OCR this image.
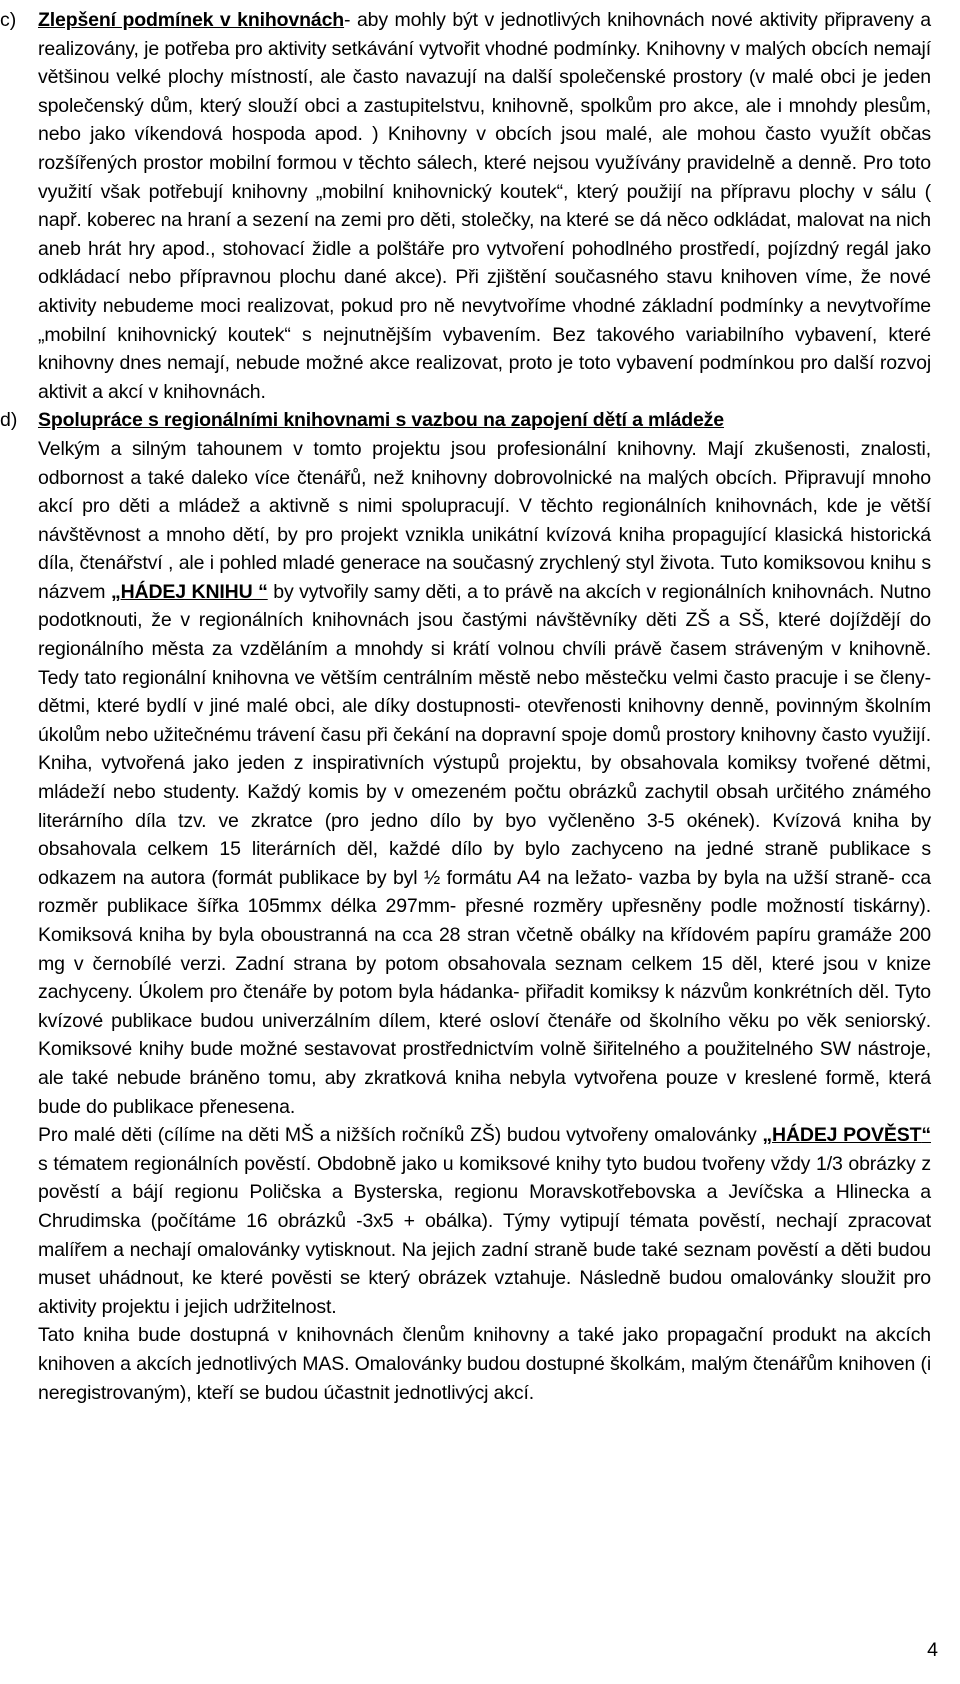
c) Zlepšení podmínek v knihovnách- aby mohly být v jednotlivých knihovnách nové aktivity připraveny a realizovány, je potřeba pro aktivity setkávání vytvořit vhodné podmínky. Knihovny v malých obcích nemají většinou velké plochy místností, ale často navazují na další společenské prostory (v malé obci je jeden společenský dům, který slouží obci a zastupitelstvu, knihovně, spolkům pro akce, ale i mnohdy plesům, nebo jako víkendová hospoda apod. ) Knihovny v obcích jsou malé, ale mohou často využít občas rozšířených prostor mobilní formou v těchto sálech, které nejsou využívány pravidelně a denně. Pro toto využití však potřebují knihovny „mobilní knihovnický koutek“, který použijí na přípravu plochy v sálu ( např. koberec na hraní a sezení na zemi pro děti, stolečky, na které se dá něco odkládat, malovat na nich aneb hrát hry apod., stohovací židle a polštáře pro vytvoření pohodlného prostředí, pojízdný regál jako odkládací nebo přípravnou plochu dané akce). Při zjištění současného stavu knihoven víme, že nové aktivity nebudeme moci realizovat, pokud pro ně nevytvoříme vhodné základní podmínky a nevytvoříme „mobilní knihovnický koutek“ s nejnutnějším vybavením. Bez takového variabilního vybavení, které knihovny dnes nemají, nebude možné akce realizovat, proto je toto vybavení podmínkou pro další rozvoj aktivit a akcí v knihovnách.

d) Spolupráce s regionálními knihovnami s vazbou na zapojení dětí a mládeže

Velkým a silným tahounem v tomto projektu jsou profesionální knihovny. Mají zkušenosti, znalosti, odbornost a také daleko více čtenářů, než knihovny dobrovolnické na malých obcích. Připravují mnoho akcí pro děti a mládež a aktivně s nimi spolupracují. V těchto regionálních knihovnách, kde je větší návštěvnost a mnoho dětí, by pro projekt vznikla unikátní kvízová kniha propagující klasická historická díla, čtenářství , ale i pohled mladé generace na současný zrychlený styl života. Tuto komiksovou knihu s názvem „HÁDEJ KNIHU “ by vytvořily samy děti, a to právě na akcích v regionálních knihovnách. Nutno podotknouti, že v regionálních knihovnách jsou častými návštěvníky děti ZŠ a SŠ, které dojíždějí do regionálního města za vzděláním a mnohdy si krátí volnou chvíli právě časem stráveným v knihovně. Tedy tato regionální knihovna ve větším centrálním městě nebo městečku velmi často pracuje i se členy- dětmi, které bydlí v jiné malé obci, ale díky dostupnosti- otevřenosti knihovny denně, povinným školním úkolům nebo užitečnému trávení času při čekání na dopravní spoje domů prostory knihovny často využijí.

Kniha, vytvořená jako jeden z inspirativních výstupů projektu, by obsahovala komiksy tvořené dětmi, mládeží nebo studenty. Každý komis by v omezeném počtu obrázků zachytil obsah určitého známého literárního díla tzv. ve zkratce (pro jedno dílo by byo vyčleněno 3-5 okének). Kvízová kniha by obsahovala celkem 15 literárních děl, každé dílo by bylo zachyceno na jedné straně publikace s odkazem na autora (formát publikace by byl ½ formátu A4 na ležato- vazba by byla na užší straně- cca rozměr publikace šířka 105mmx délka 297mm- přesné rozměry upřesněny podle možností tiskárny). Komiksová kniha by byla oboustranná na cca 28 stran včetně obálky na křídovém papíru gramáže 200 mg v černobílé verzi. Zadní strana by potom obsahovala seznam celkem 15 děl, které jsou v knize zachyceny. Úkolem pro čtenáře by potom byla hádanka- přiřadit komiksy k názvům konkrétních děl. Tyto kvízové publikace budou univerzálním dílem, které osloví čtenáře od školního věku po věk seniorský. Komiksové knihy bude možné sestavovat prostřednictvím volně šiřitelného a použitelného SW nástroje, ale také nebude bráněno tomu, aby zkratková kniha nebyla vytvořena pouze v kreslené formě, která bude do publikace přenesena.

Pro malé děti (cílíme na děti MŠ a nižších ročníků ZŠ) budou vytvořeny omalovánky „HÁDEJ POVĚST“ s tématem regionálních pověstí. Obdobně jako u komiksové knihy tyto budou tvořeny vždy 1/3 obrázky z pověstí a bájí regionu Poličska a Bysterska, regionu Moravskotřebovska a Jevíčska a Hlinecka a Chrudimska (počítáme 16 obrázků -3x5 + obálka). Týmy vytipují témata pověstí, nechají zpracovat malířem a nechají omalovánky vytisknout. Na jejich zadní straně bude také seznam pověstí a děti budou muset uhádnout, ke které pověsti se který obrázek vztahuje. Následně budou omalovánky sloužit pro aktivity projektu i jejich udržitelnost.

Tato kniha bude dostupná v knihovnách členům knihovny a také jako propagační produkt na akcích knihoven a akcích jednotlivých MAS. Omalovánky budou dostupné školkám, malým čtenářům knihoven (i neregistrovaným), kteří se budou účastnit jednotlivýcj akcí.

4
